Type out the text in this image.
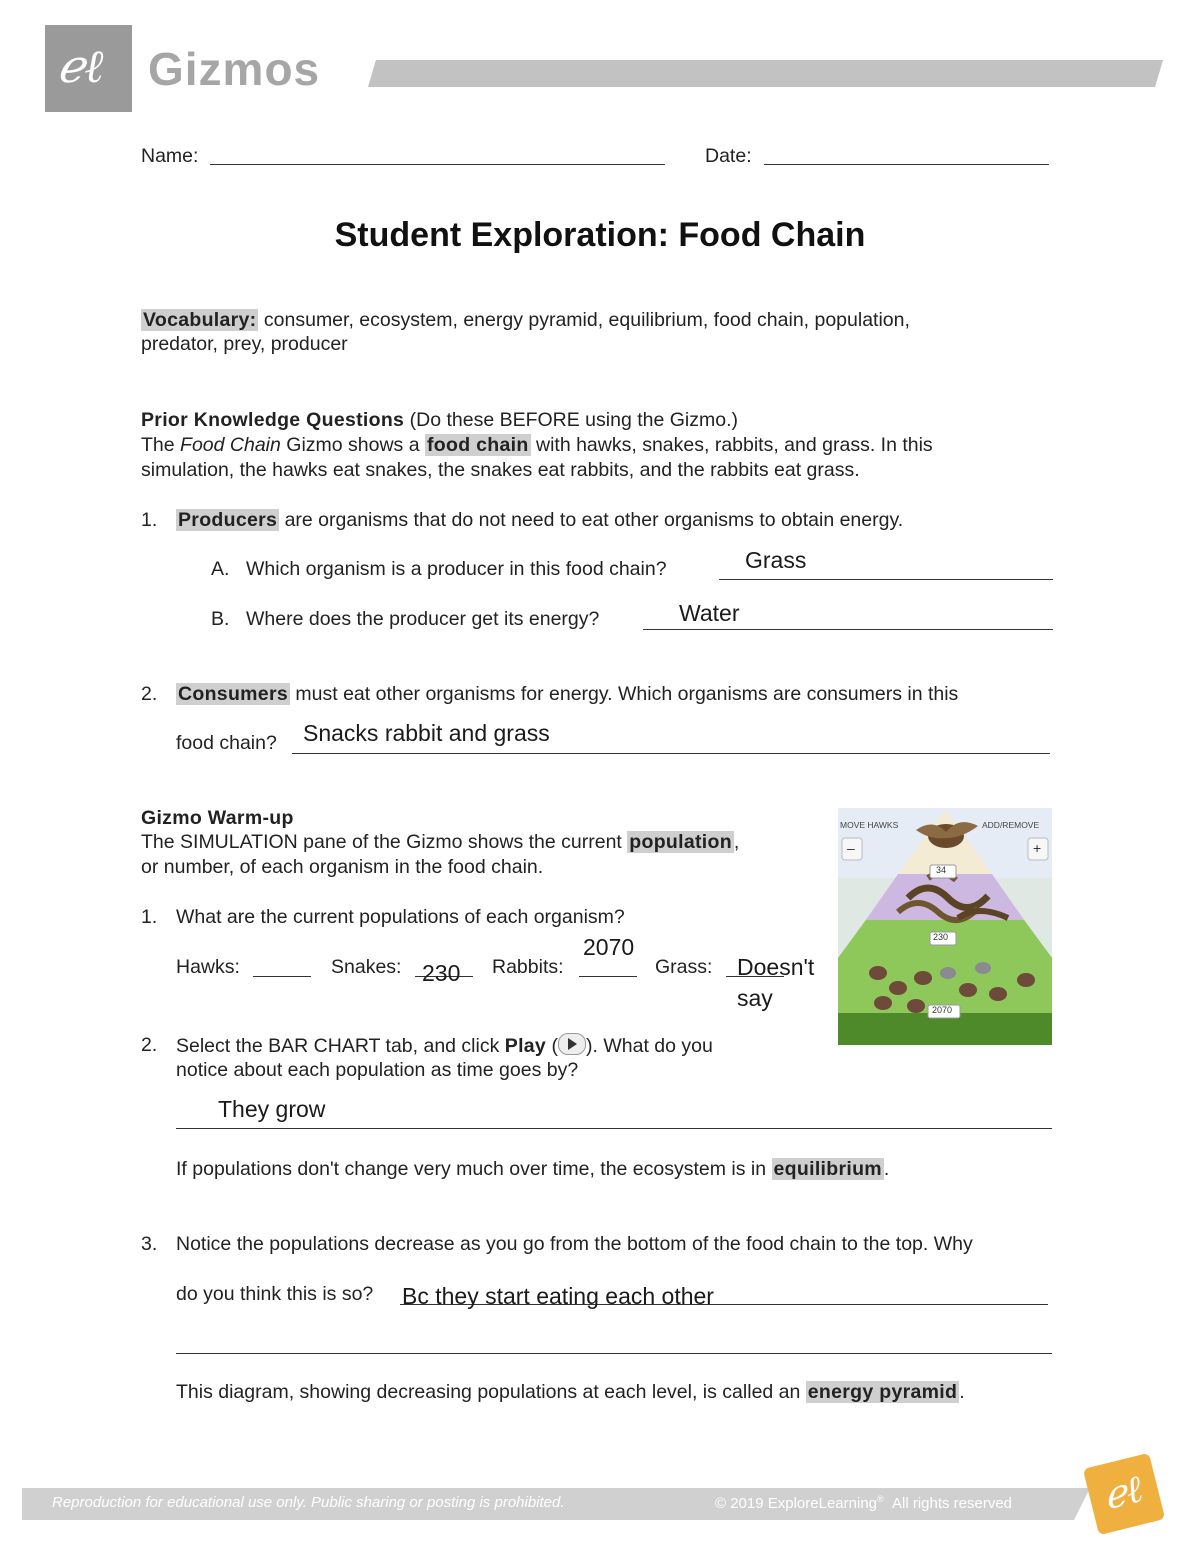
ℯℓ Gizmos
Name:	Date:
Student Exploration: Food Chain
Vocabulary: consumer, ecosystem, energy pyramid, equilibrium, food chain, population,
predator, prey, producer
Prior Knowledge Questions (Do these BEFORE using the Gizmo.)
The Food Chain Gizmo shows a food chain with hawks, snakes, rabbits, and grass. In this
simulation, the hawks eat snakes, the snakes eat rabbits, and the rabbits eat grass.
1. Producers are organisms that do not need to eat other organisms to obtain energy.
A. Which organism is a producer in this food chain?	Grass
B. Where does the producer get its energy?	Water
2. Consumers must eat other organisms for energy. Which organisms are consumers in this
food chain? Snacks rabbit and grass
Gizmo Warm-up
The SIMULATION pane of the Gizmo shows the current population ,
or number, of each organism in the food chain.
1. What are the current populations of each organism?
Hawks:	Snakes: 230 Rabbits:
2070
Grass: Doesn't
say
2. Select the BAR CHART tab, and click Play ( ). What do you
notice about each population as time goes by?
They grow
If populations don't change very much over time, the ecosystem is in equilibrium .
3. Notice the populations decrease as you go from the bottom of the food chain to the top. Why
do you think this is so? Bc they start eating each other
This diagram, showing decreasing populations at each level, is called an energy pyramid .
MOVE HAWKS	ADD/REMOVE
–	+
34
230
2070
Reproduction for educational use only. Public sharing or posting is prohibited.	© 2019 ExploreLearning® All rights reserved ℯℓ
